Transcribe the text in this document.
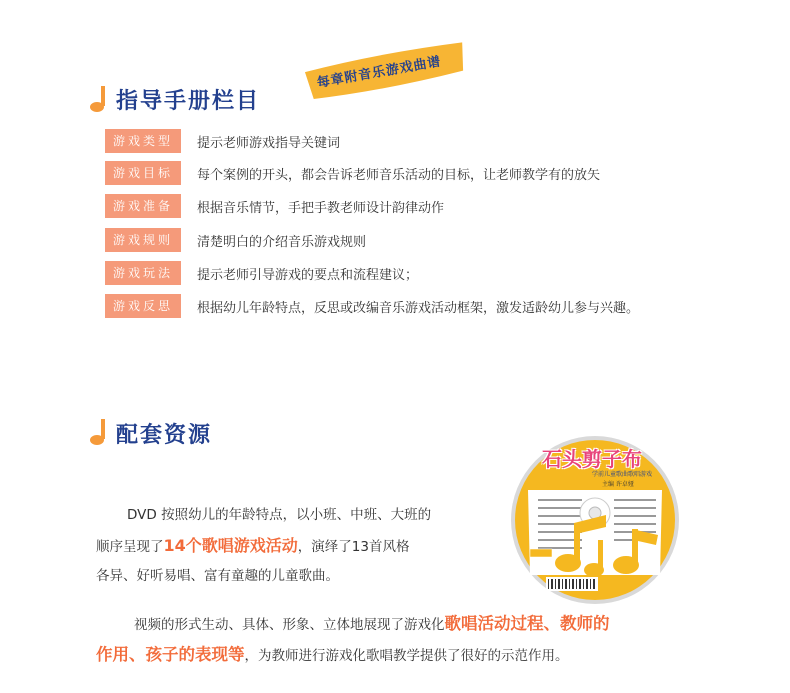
指导手册栏目
每章附音乐游戏曲谱
游戏类型	提示老师游戏指导关键词
游戏目标	每个案例的开头，都会告诉老师音乐活动的目标，让老师教学有的放矢
游戏准备	根据音乐情节，手把手教老师设计韵律动作
游戏规则	清楚明白的介绍音乐游戏规则
游戏玩法	提示老师引导游戏的要点和流程建议；
游戏反思	根据幼儿年龄特点，反思或改编音乐游戏活动框架，激发适龄幼儿参与兴趣。
配套资源
DVD 按照幼儿的年龄特点，以小班、中班、大班的
顺序呈现了14个歌唱游戏活动，演绎了13首风格
各异、好听易唱、富有童趣的儿童歌曲。
视频的形式生动、具体、形象、立体地展现了游戏化歌唱活动过程、教师的
作用、孩子的表现等，为教师进行游戏化歌唱教学提供了很好的示范作用。
石头剪子布
学前儿童歌曲歌唱游戏
主编 许卓娅
